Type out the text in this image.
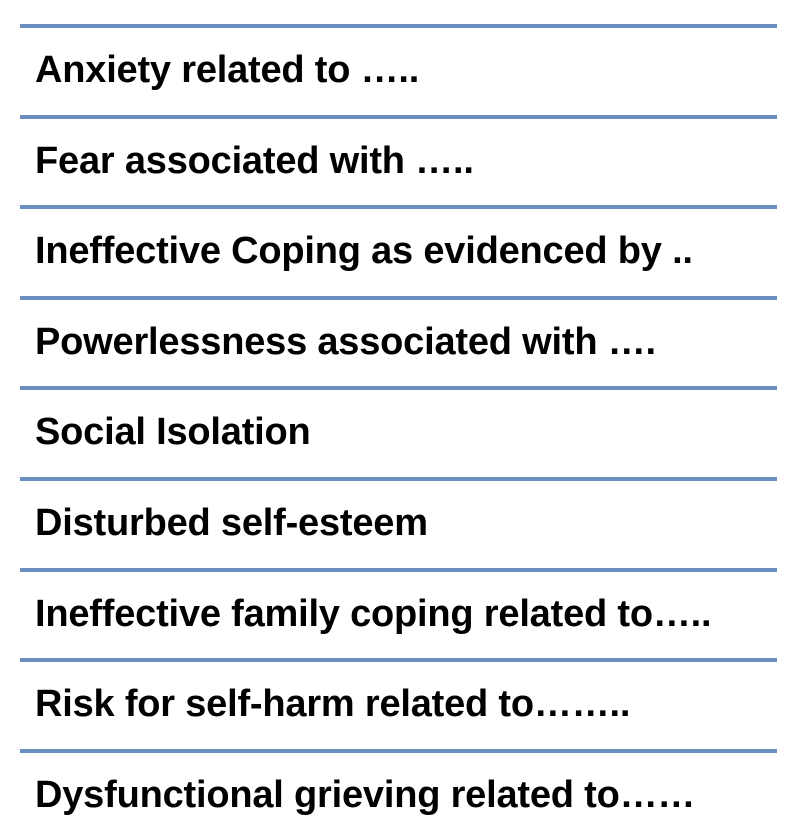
Anxiety related to …..
Fear associated with …..
Ineffective Coping as evidenced by ..
Powerlessness associated with ….
Social Isolation
Disturbed self-esteem
Ineffective family coping related to…..
Risk for self-harm related to……..
Dysfunctional grieving related to……
